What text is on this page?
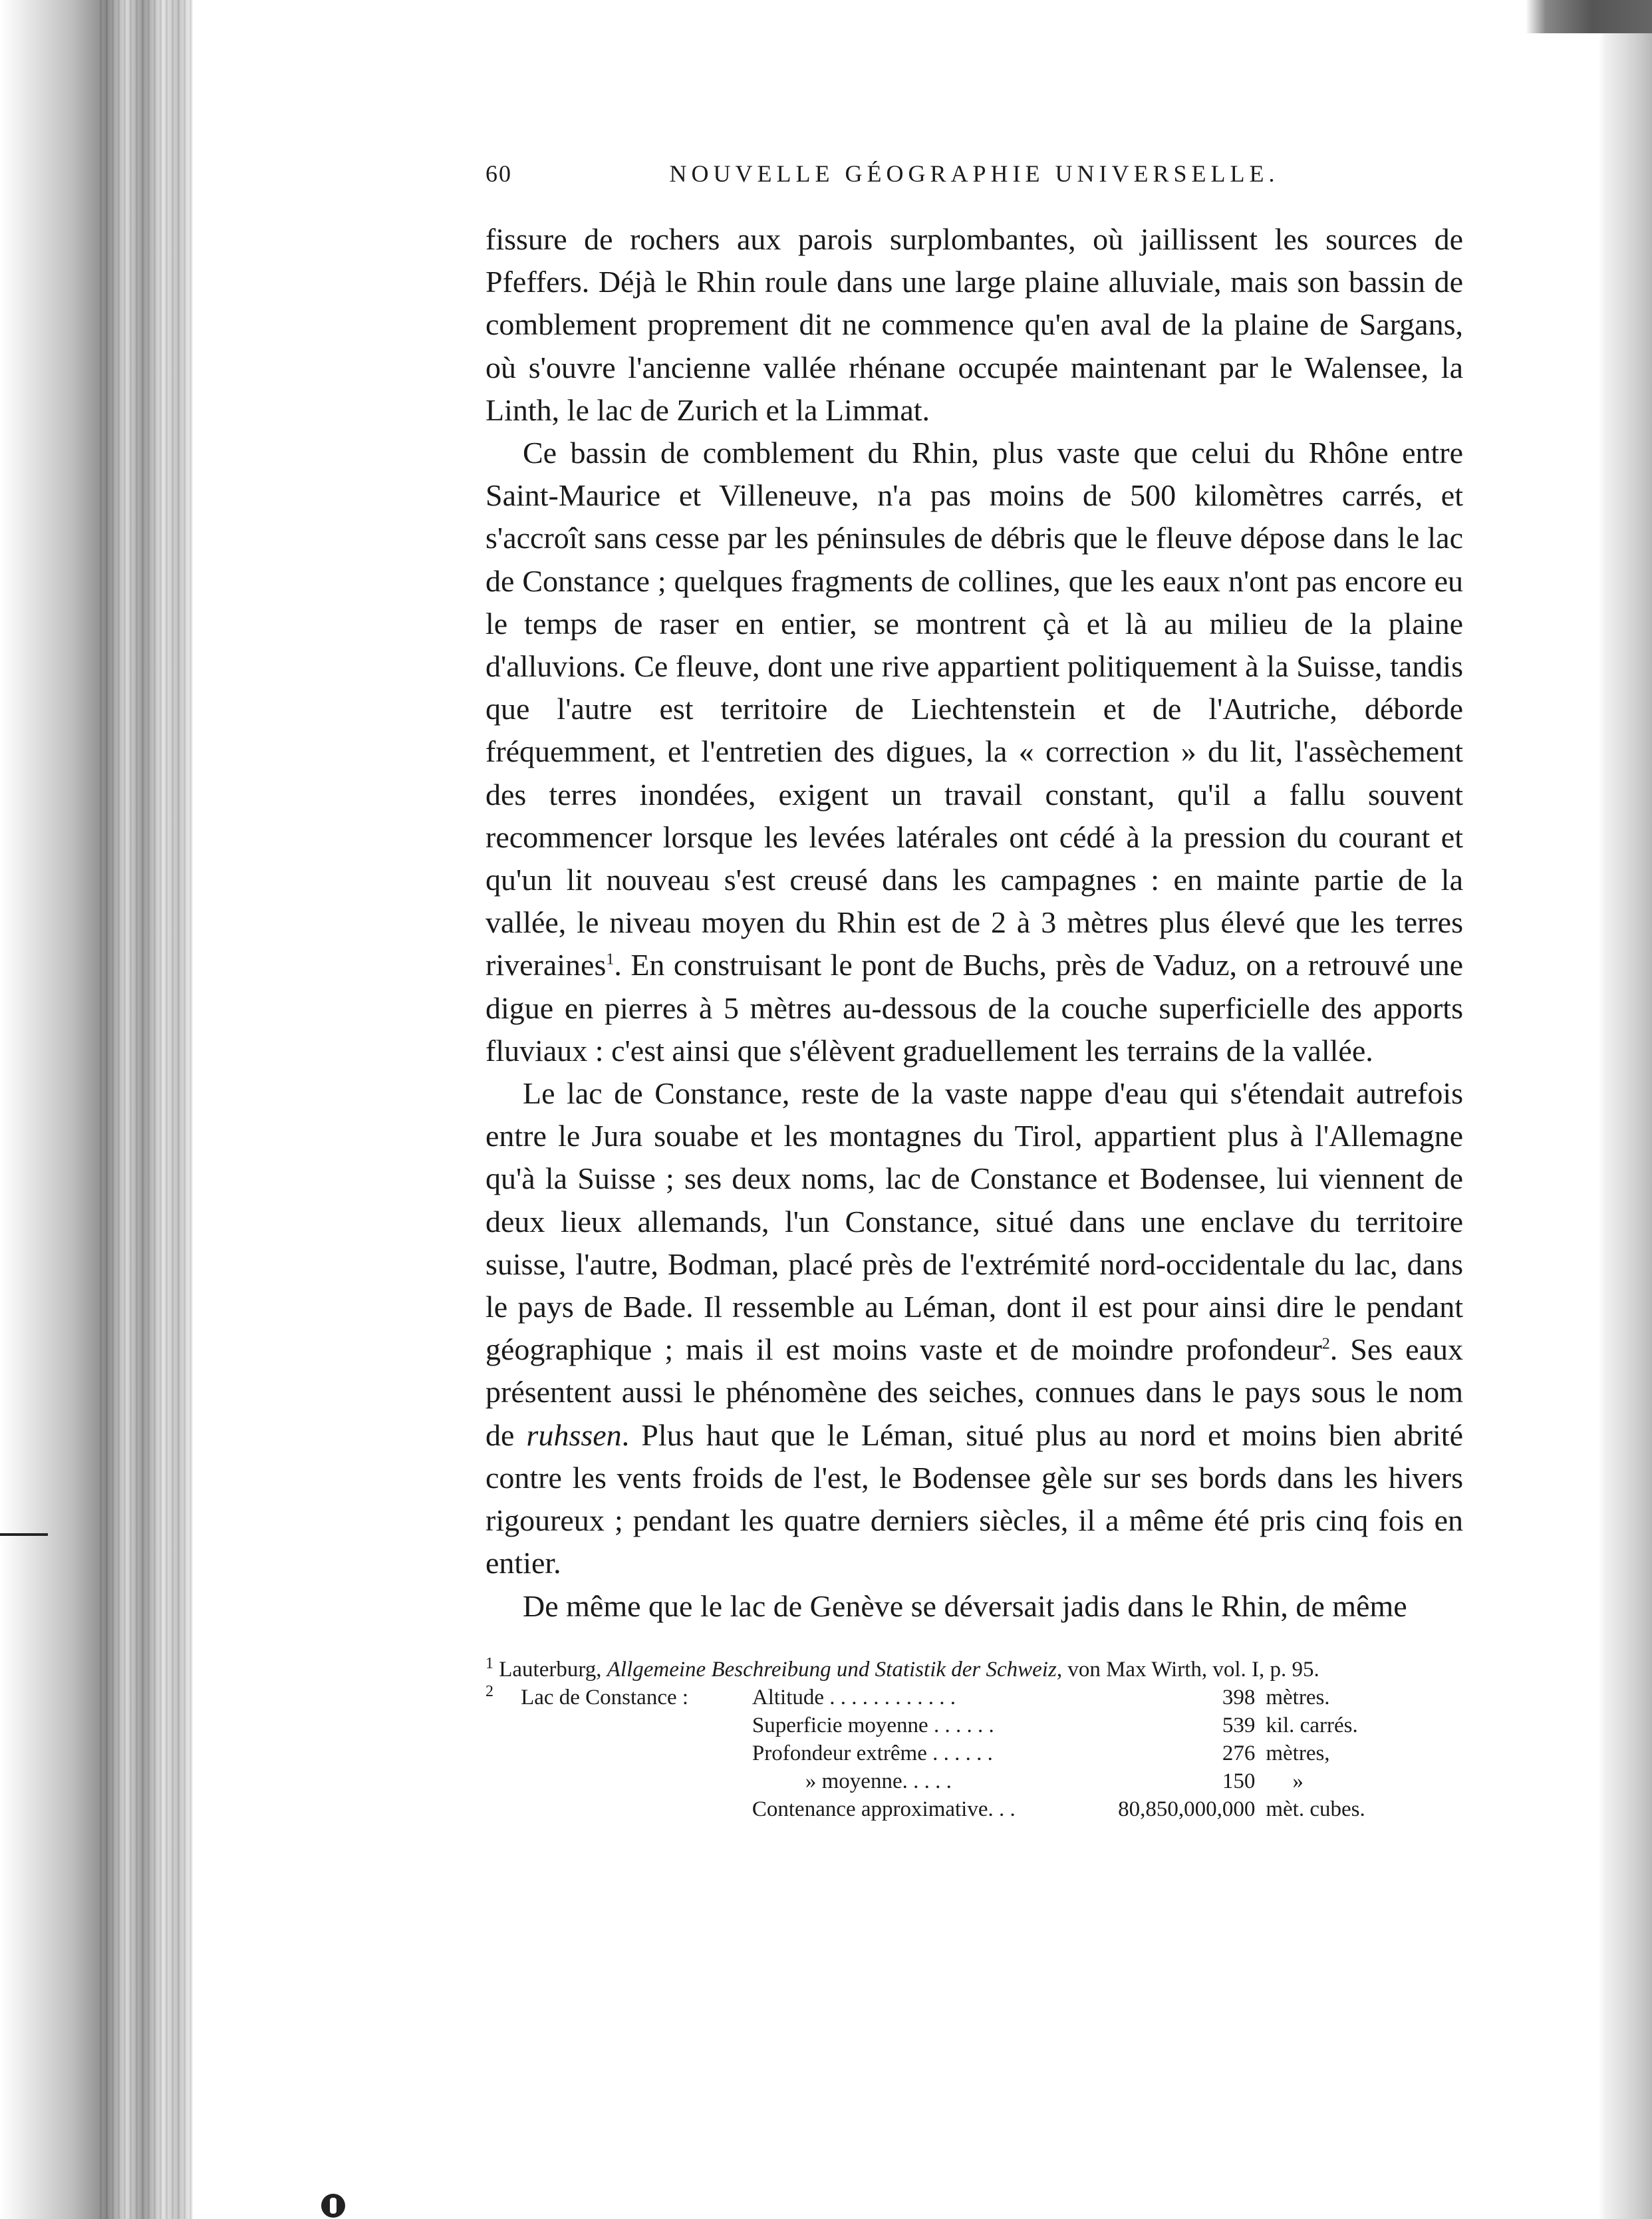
60	NOUVELLE GÉOGRAPHIE UNIVERSELLE.

fissure de rochers aux parois surplombantes, où jaillissent les sources de Pfeffers. Déjà le Rhin roule dans une large plaine alluviale, mais son bassin de comblement proprement dit ne commence qu'en aval de la plaine de Sargans, où s'ouvre l'ancienne vallée rhénane occupée maintenant par le Walensee, la Linth, le lac de Zurich et la Limmat.

Ce bassin de comblement du Rhin, plus vaste que celui du Rhône entre Saint-Maurice et Villeneuve, n'a pas moins de 500 kilomètres carrés, et s'accroît sans cesse par les péninsules de débris que le fleuve dépose dans le lac de Constance ; quelques fragments de collines, que les eaux n'ont pas encore eu le temps de raser en entier, se montrent çà et là au milieu de la plaine d'alluvions. Ce fleuve, dont une rive appartient politiquement à la Suisse, tandis que l'autre est territoire de Liechtenstein et de l'Autriche, déborde fréquemment, et l'entretien des digues, la « correction » du lit, l'assèchement des terres inondées, exigent un travail constant, qu'il a fallu souvent recommencer lorsque les levées latérales ont cédé à la pression du courant et qu'un lit nouveau s'est creusé dans les campagnes : en mainte partie de la vallée, le niveau moyen du Rhin est de 2 à 3 mètres plus élevé que les terres riveraines$^1$. En construisant le pont de Buchs, près de Vaduz, on a retrouvé une digue en pierres à 5 mètres au-dessous de la couche superficielle des apports fluviaux : c'est ainsi que s'élèvent graduellement les terrains de la vallée.

Le lac de Constance, reste de la vaste nappe d'eau qui s'étendait autrefois entre le Jura souabe et les montagnes du Tirol, appartient plus à l'Allemagne qu'à la Suisse ; ses deux noms, lac de Constance et Bodensee, lui viennent de deux lieux allemands, l'un Constance, situé dans une enclave du territoire suisse, l'autre, Bodman, placé près de l'extrémité nord-occidentale du lac, dans le pays de Bade. Il ressemble au Léman, dont il est pour ainsi dire le pendant géographique ; mais il est moins vaste et de moindre profondeur$^2$. Ses eaux présentent aussi le phénomène des seiches, connues dans le pays sous le nom de ruhssen. Plus haut que le Léman, situé plus au nord et moins bien abrité contre les vents froids de l'est, le Bodensee gèle sur ses bords dans les hivers rigoureux ; pendant les quatre derniers siècles, il a même été pris cinq fois en entier.

De même que le lac de Genève se déversait jadis dans le Rhin, de même

$^1$ Lauterburg, Allgemeine Beschreibung und Statistik der Schweiz, von Max Wirth, vol. I, p. 95.
$^2$	Lac de Constance :	Altitude . . . . . . . . . . . .	398	mètres.
		Superficie moyenne . . . . . .	539	kil. carrés.
		Profondeur extrême . . . . . .	276	mètres,
		» moyenne. . . . .	150	»
		Contenance approximative. . .	80,850,000,000	mèt. cubes.
